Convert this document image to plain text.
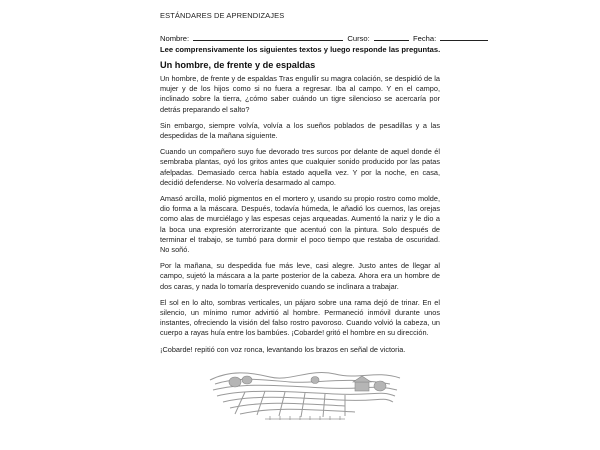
ESTÁNDARES DE APRENDIZAJES
Nombre:	Curso:	Fecha:
Lee comprensivamente los siguientes textos y luego responde las preguntas.
Un hombre, de frente y de espaldas

Un hombre, de frente y de espaldas Tras engullir su magra colación, se despidió de la mujer y de los hijos como si no fuera a regresar. Iba al campo. Y en el campo, inclinado sobre la tierra, ¿cómo saber cuándo un tigre silencioso se acercaría por detrás preparando el salto?

Sin embargo, siempre volvía, volvía a los sueños poblados de pesadillas y a las despedidas de la mañana siguiente.

Cuando un compañero suyo fue devorado tres surcos por delante de aquel donde él sembraba plantas, oyó los gritos antes que cualquier sonido producido por las patas afelpadas. Demasiado cerca había estado aquella vez. Y por la noche, en casa, decidió defenderse. No volvería desarmado al campo.

Amasó arcilla, molió pigmentos en el mortero y, usando su propio rostro como molde, dio forma a la máscara. Después, todavía húmeda, le añadió los cuernos, las orejas como alas de murciélago y las espesas cejas arqueadas. Aumentó la nariz y le dio a la boca una expresión aterrorizante que acentuó con la pintura. Solo después de terminar el trabajo, se tumbó para dormir el poco tiempo que restaba de oscuridad. No soñó.

Por la mañana, su despedida fue más leve, casi alegre. Justo antes de llegar al campo, sujetó la máscara a la parte posterior de la cabeza. Ahora era un hombre de dos caras, y nada lo tomaría desprevenido cuando se inclinara a trabajar.

El sol en lo alto, sombras verticales, un pájaro sobre una rama dejó de trinar. En el silencio, un mínimo rumor advirtió al hombre. Permaneció inmóvil durante unos instantes, ofreciendo la visión del falso rostro pavoroso. Cuando volvió la cabeza, un cuerpo a rayas huía entre los bambúes. ¡Cobarde! gritó el hombre en su dirección.

¡Cobarde! repitió con voz ronca, levantando los brazos en señal de victoria.
